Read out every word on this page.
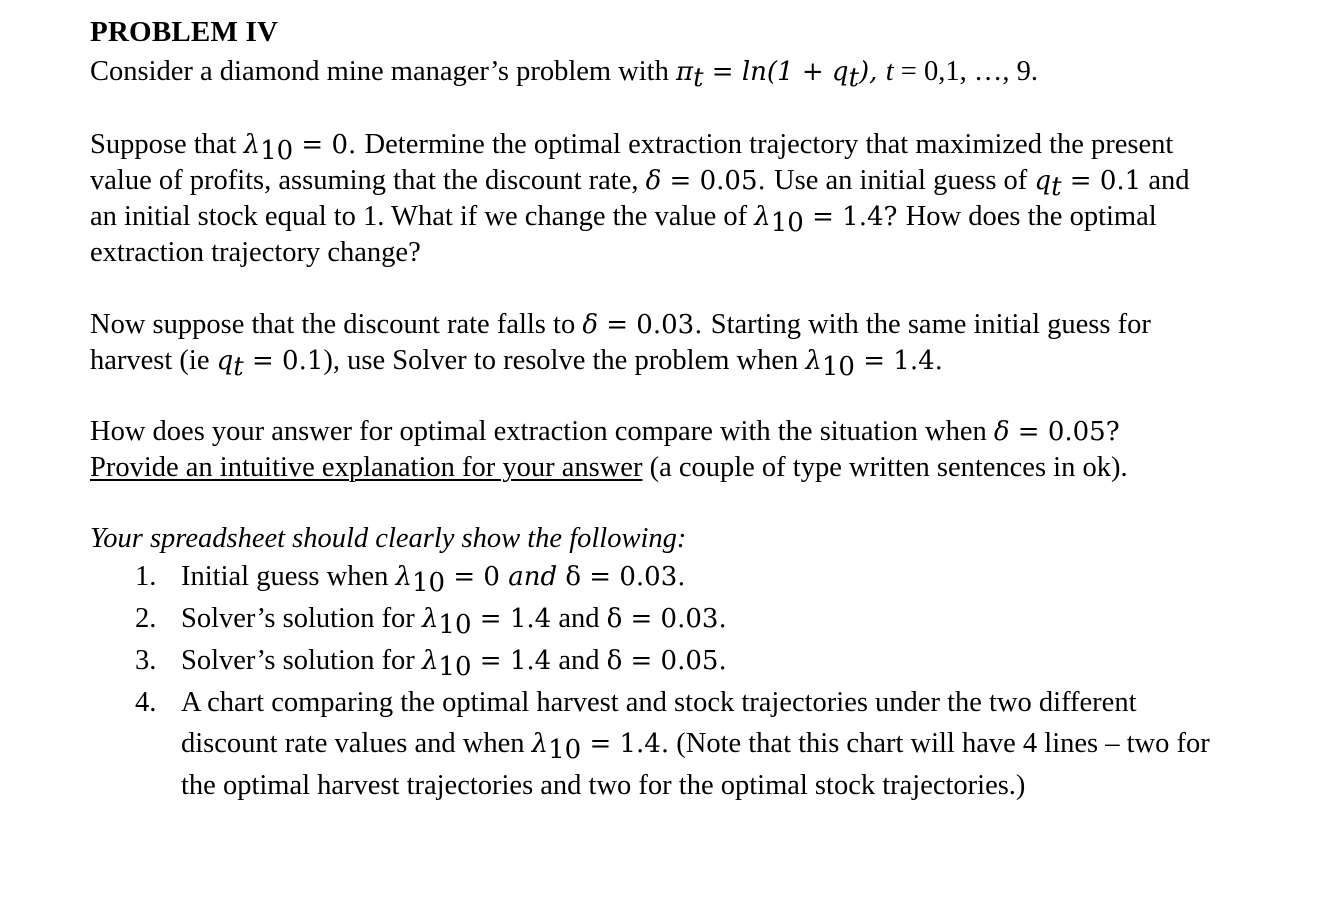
PROBLEM IV
Consider a diamond mine manager’s problem with $\pi_t = \ln(1 + q_t)$, t = 0,1, …, 9.
Suppose that $\lambda_{10} = 0$. Determine the optimal extraction trajectory that maximized the present
value of profits, assuming that the discount rate, δ = 0.05. Use an initial guess of $q_t = 0.1$ and
an initial stock equal to 1. What if we change the value of $\lambda_{10} = 1.4$? How does the optimal
extraction trajectory change?
Now suppose that the discount rate falls to δ = 0.03. Starting with the same initial guess for
harvest (ie $q_t = 0.1$), use Solver to resolve the problem when $\lambda_{10} = 1.4$.
How does your answer for optimal extraction compare with the situation when δ = 0.05?
Provide an intuitive explanation for your answer (a couple of type written sentences in ok).
Your spreadsheet should clearly show the following:
1. Initial guess when $\lambda_{10} = 0$ and δ = 0.03.
2. Solver’s solution for $\lambda_{10} = 1.4$ and δ = 0.03.
3. Solver’s solution for $\lambda_{10} = 1.4$ and δ = 0.05.
4. A chart comparing the optimal harvest and stock trajectories under the two different
discount rate values and when $\lambda_{10} = 1.4$. (Note that this chart will have 4 lines – two for
the optimal harvest trajectories and two for the optimal stock trajectories.)
